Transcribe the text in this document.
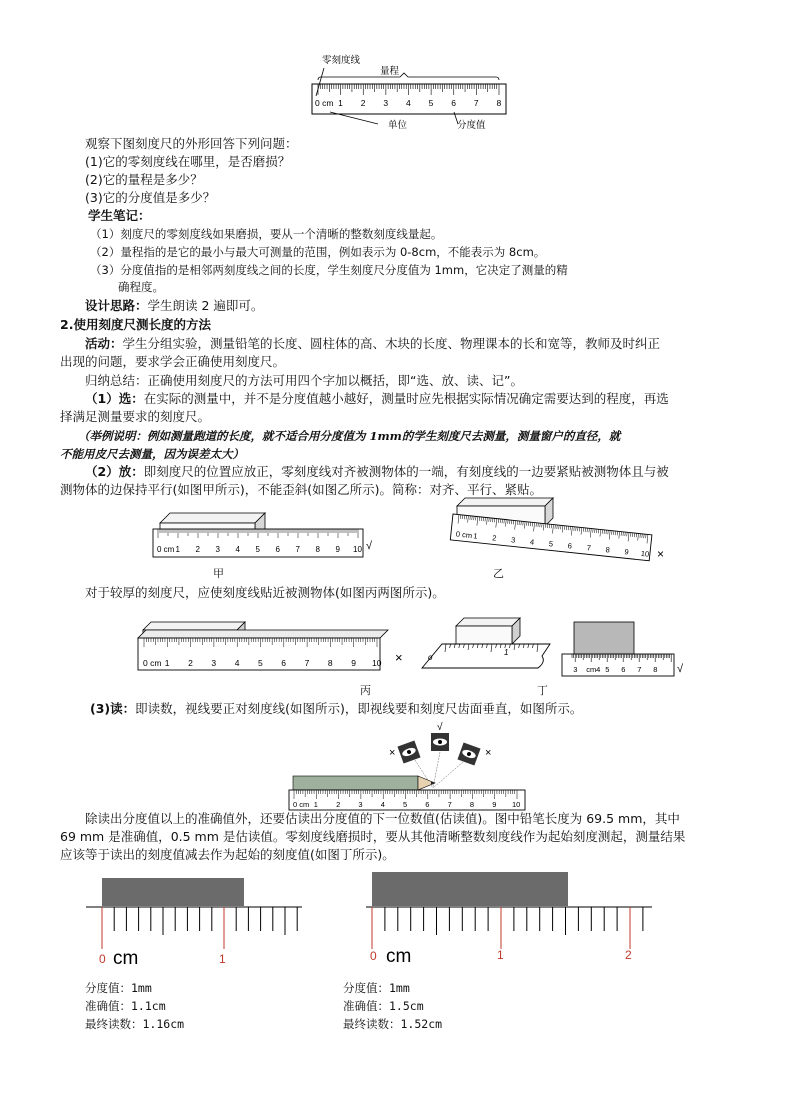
零刻度线
量程
0 cm 1 2 3 4 5 6 7 8
单位	分度值
观察下图刻度尺的外形回答下列问题：
(1)它的零刻度线在哪里，是否磨损？
(2)它的量程是多少？
(3)它的分度值是多少？
学生笔记：
（1）刻度尺的零刻度线如果磨损，要从一个清晰的整数刻度线量起。
（2）量程指的是它的最小与最大可测量的范围，例如表示为 0-8cm，不能表示为 8cm。
（3）分度值指的是相邻两刻度线之间的长度，学生刻度尺分度值为 1mm，它决定了测量的精
确程度。
设计思路：学生朗读 2 遍即可。
2.使用刻度尺测长度的方法
活动：学生分组实验，测量铅笔的长度、圆柱体的高、木块的长度、物理课本的长和宽等，教师及时纠正
出现的问题，要求学会正确使用刻度尺。
归纳总结：正确使用刻度尺的方法可用四个字加以概括，即“选、放、读、记”。
（1）选：在实际的测量中，并不是分度值越小越好，测量时应先根据实际情况确定需要达到的程度，再选
择满足测量要求的刻度尺。
（举例说明：例如测量跑道的长度，就不适合用分度值为 1mm的学生刻度尺去测量，测量窗户的直径，就
不能用皮尺去测量，因为误差太大）
（2）放：即刻度尺的位置应放正，零刻度线对齐被测物体的一端，有刻度线的一边要紧贴被测物体且与被
测物体的边保持平行(如图甲所示)，不能歪斜(如图乙所示)。简称：对齐、平行、紧贴。
0 cm 1 2 3 4 5 6 7 8 9 10 √
甲
0 cm 1 2 3 4 5 6 7 8 9 10 ×
乙
对于较厚的刻度尺，应使刻度线贴近被测物体(如图丙两图所示)。
0 cm 1 2 3 4 5 6 7 8 9 10 ×	o
1
3 cm4 5 6 7 8 √
丙	丁
(3)读：即读数，视线要正对刻度线(如图所示)，即视线要和刻度尺齿面垂直，如图所示。
√
×	×
0 cm 1 2 3 4 5 6 7 8 9 10
除读出分度值以上的准确值外，还要估读出分度值的下一位数值(估读值)。图中铅笔长度为 69.5 mm，其中
69 mm 是准确值，0.5 mm 是估读值。零刻度线磨损时，要从其他清晰整数刻度线作为起始刻度测起，测量结果
应该等于读出的刻度值减去作为起始的刻度值(如图丁所示)。
0 cm	1	0 cm	1	2
分度值：1mm
准确值：1.1cm
最终读数：1.16cm
分度值：1mm
准确值：1.5cm
最终读数：1.52cm
